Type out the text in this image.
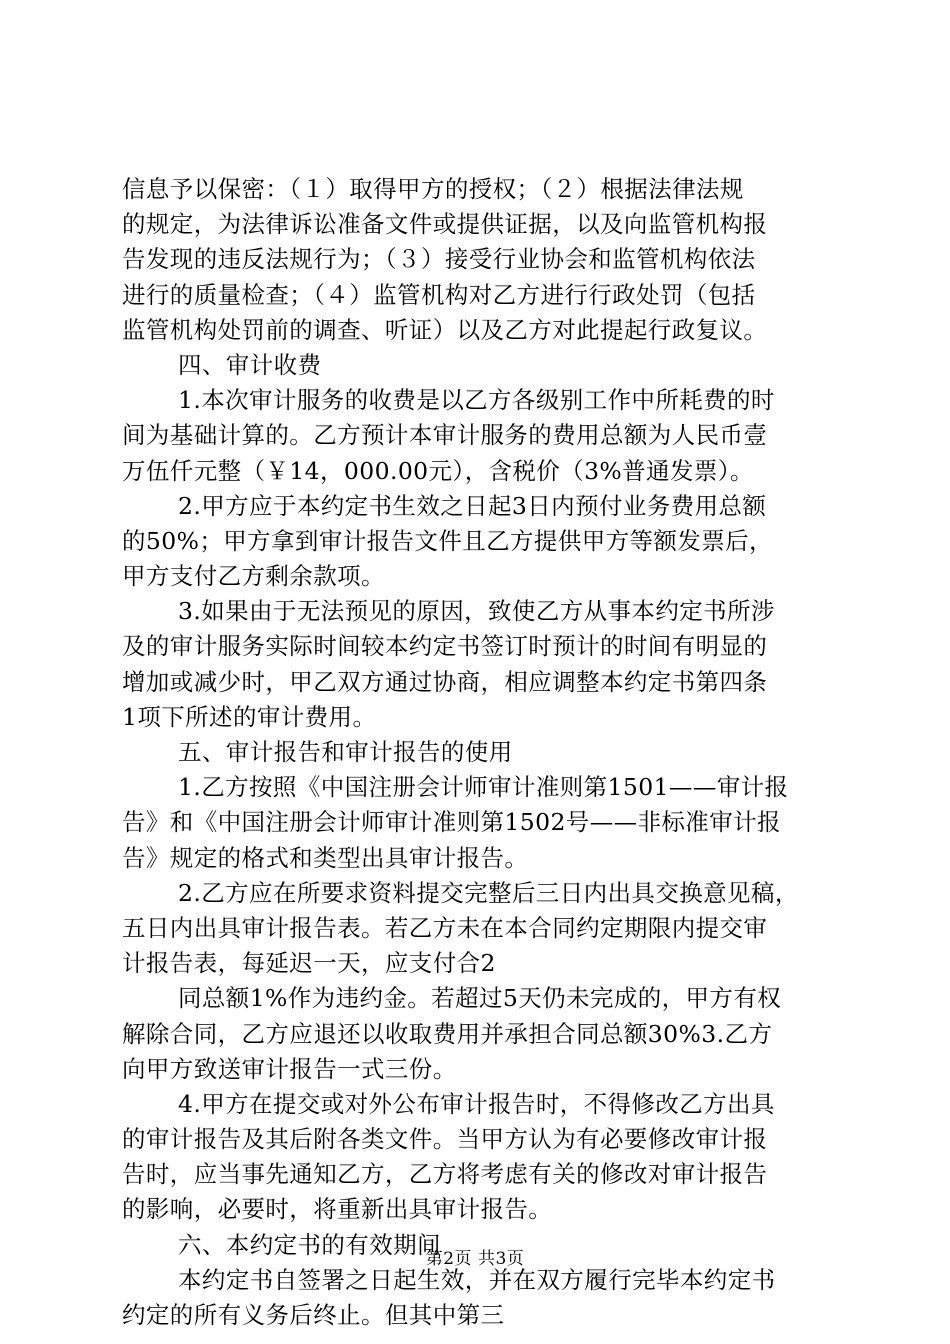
信息予以保密：（１）取得甲方的授权；（２）根据法律法规
的规定，为法律诉讼准备文件或提供证据，以及向监管机构报
告发现的违反法规行为；（３）接受行业协会和监管机构依法
进行的质量检查；（４）监管机构对乙方进行行政处罚（包括
监管机构处罚前的调查、听证）以及乙方对此提起行政复议。
四、审计收费
1.本次审计服务的收费是以乙方各级别工作中所耗费的时
间为基础计算的。乙方预计本审计服务的费用总额为人民币壹
万伍仟元整（￥14，000.00元），含税价（3%普通发票）。
2.甲方应于本约定书生效之日起3日内预付业务费用总额
的50%；甲方拿到审计报告文件且乙方提供甲方等额发票后，
甲方支付乙方剩余款项。
3.如果由于无法预见的原因，致使乙方从事本约定书所涉
及的审计服务实际时间较本约定书签订时预计的时间有明显的
增加或减少时，甲乙双方通过协商，相应调整本约定书第四条
1项下所述的审计费用。
五、审计报告和审计报告的使用
1.乙方按照《中国注册会计师审计准则第1501——审计报
告》和《中国注册会计师审计准则第1502号——非标准审计报
告》规定的格式和类型出具审计报告。
2.乙方应在所要求资料提交完整后三日内出具交换意见稿，
五日内出具审计报告表。若乙方未在本合同约定期限内提交审
计报告表，每延迟一天，应支付合2
同总额1%作为违约金。若超过5天仍未完成的，甲方有权
解除合同，乙方应退还以收取费用并承担合同总额30%3.乙方
向甲方致送审计报告一式三份。
4.甲方在提交或对外公布审计报告时，不得修改乙方出具
的审计报告及其后附各类文件。当甲方认为有必要修改审计报
告时，应当事先通知乙方，乙方将考虑有关的修改对审计报告
的影响，必要时，将重新出具审计报告。
六、本约定书的有效期间
本约定书自签署之日起生效，并在双方履行完毕本约定书
约定的所有义务后终止。但其中第三
第2页 共3页
